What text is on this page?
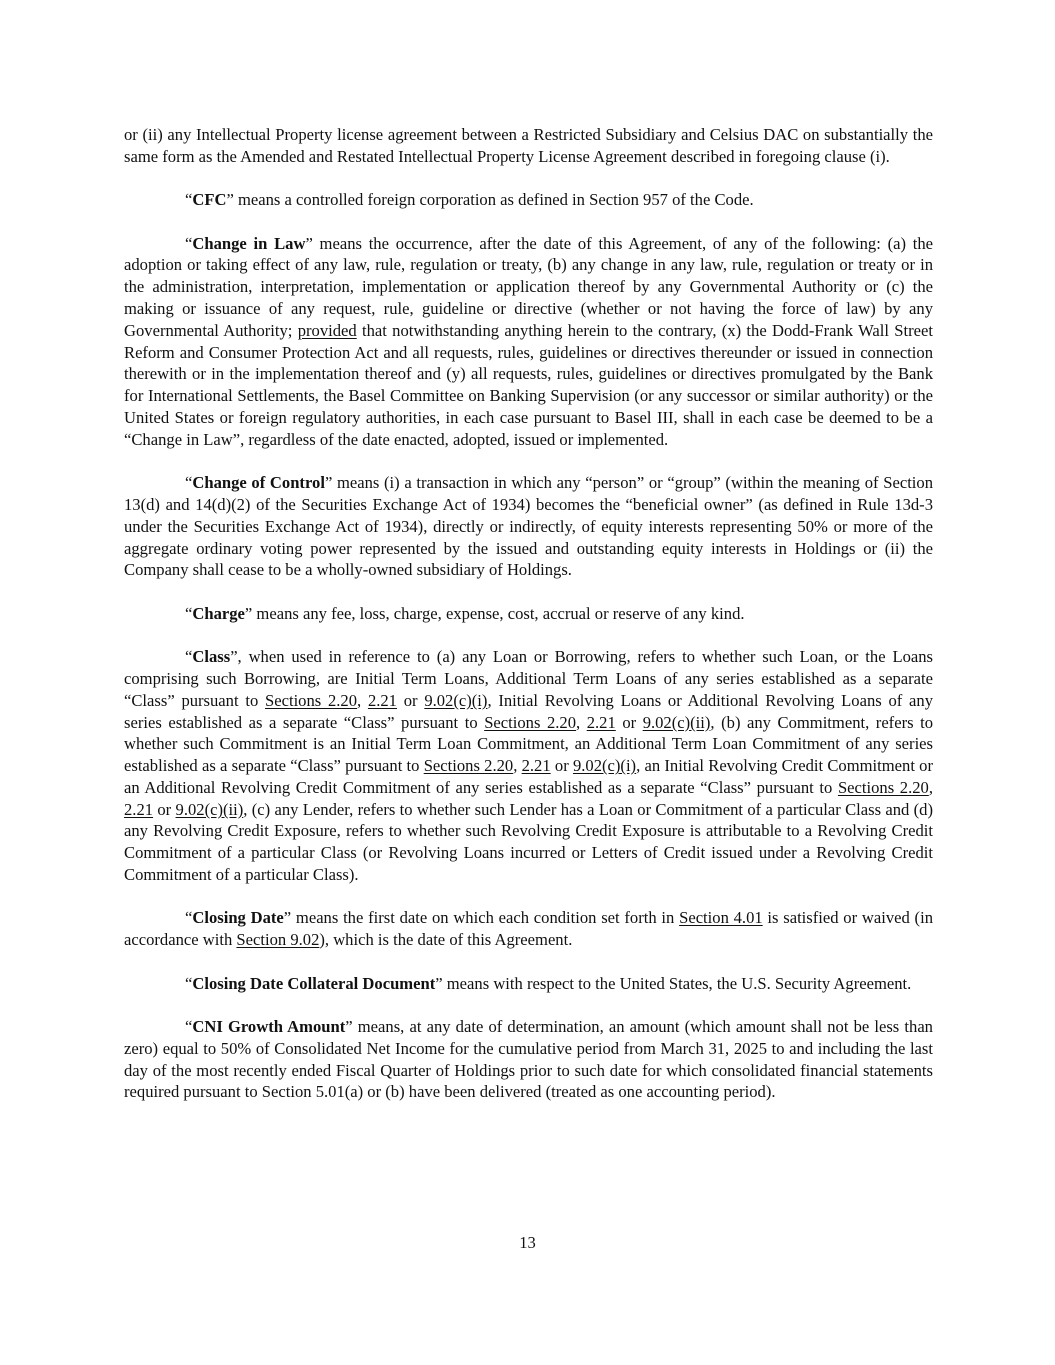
or (ii) any Intellectual Property license agreement between a Restricted Subsidiary and Celsius DAC on substantially the same form as the Amended and Restated Intellectual Property License Agreement described in foregoing clause (i).

“CFC” means a controlled foreign corporation as defined in Section 957 of the Code.

“Change in Law” means the occurrence, after the date of this Agreement, of any of the following: (a) the adoption or taking effect of any law, rule, regulation or treaty, (b) any change in any law, rule, regulation or treaty or in the administration, interpretation, implementation or application thereof by any Governmental Authority or (c) the making or issuance of any request, rule, guideline or directive (whether or not having the force of law) by any Governmental Authority; provided that notwithstanding anything herein to the contrary, (x) the Dodd-Frank Wall Street Reform and Consumer Protection Act and all requests, rules, guidelines or directives thereunder or issued in connection therewith or in the implementation thereof and (y) all requests, rules, guidelines or directives promulgated by the Bank for International Settlements, the Basel Committee on Banking Supervision (or any successor or similar authority) or the United States or foreign regulatory authorities, in each case pursuant to Basel III, shall in each case be deemed to be a “Change in Law”, regardless of the date enacted, adopted, issued or implemented.

“Change of Control” means (i) a transaction in which any “person” or “group” (within the meaning of Section 13(d) and 14(d)(2) of the Securities Exchange Act of 1934) becomes the “beneficial owner” (as defined in Rule 13d-3 under the Securities Exchange Act of 1934), directly or indirectly, of equity interests representing 50% or more of the aggregate ordinary voting power represented by the issued and outstanding equity interests in Holdings or (ii) the Company shall cease to be a wholly-owned subsidiary of Holdings.

“Charge” means any fee, loss, charge, expense, cost, accrual or reserve of any kind.

“Class”, when used in reference to (a) any Loan or Borrowing, refers to whether such Loan, or the Loans comprising such Borrowing, are Initial Term Loans, Additional Term Loans of any series established as a separate “Class” pursuant to Sections 2.20, 2.21 or 9.02(c)(i), Initial Revolving Loans or Additional Revolving Loans of any series established as a separate “Class” pursuant to Sections 2.20, 2.21 or 9.02(c)(ii), (b) any Commitment, refers to whether such Commitment is an Initial Term Loan Commitment, an Additional Term Loan Commitment of any series established as a separate “Class” pursuant to Sections 2.20, 2.21 or 9.02(c)(i), an Initial Revolving Credit Commitment or an Additional Revolving Credit Commitment of any series established as a separate “Class” pursuant to Sections 2.20, 2.21 or 9.02(c)(ii), (c) any Lender, refers to whether such Lender has a Loan or Commitment of a particular Class and (d) any Revolving Credit Exposure, refers to whether such Revolving Credit Exposure is attributable to a Revolving Credit Commitment of a particular Class (or Revolving Loans incurred or Letters of Credit issued under a Revolving Credit Commitment of a particular Class).

“Closing Date” means the first date on which each condition set forth in Section 4.01 is satisfied or waived (in accordance with Section 9.02), which is the date of this Agreement.

“Closing Date Collateral Document” means with respect to the United States, the U.S. Security Agreement.

“CNI Growth Amount” means, at any date of determination, an amount (which amount shall not be less than zero) equal to 50% of Consolidated Net Income for the cumulative period from March 31, 2025 to and including the last day of the most recently ended Fiscal Quarter of Holdings prior to such date for which consolidated financial statements required pursuant to Section 5.01(a) or (b) have been delivered (treated as one accounting period).

13
